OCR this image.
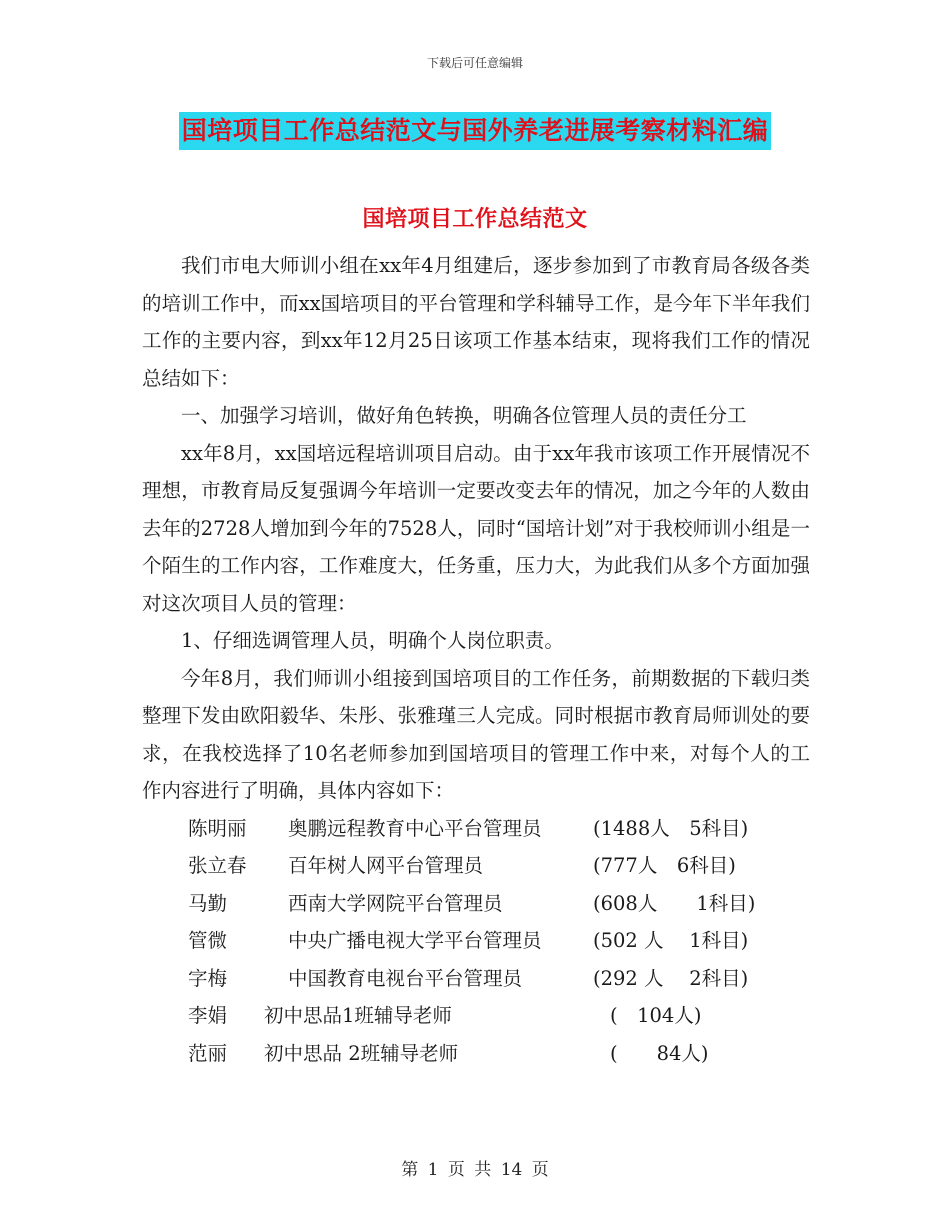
下载后可任意编辑
国培项目工作总结范文与国外养老进展考察材料汇编
国培项目工作总结范文

我们市电大师训小组在xx年4月组建后，逐步参加到了市教育局各级各类的培训工作中，而xx国培项目的平台管理和学科辅导工作，是今年下半年我们工作的主要内容，到xx年12月25日该项工作基本结束，现将我们工作的情况总结如下：

一、加强学习培训，做好角色转换，明确各位管理人员的责任分工

xx年8月，xx国培远程培训项目启动。由于xx年我市该项工作开展情况不理想，市教育局反复强调今年培训一定要改变去年的情况，加之今年的人数由去年的2728人增加到今年的7528人，同时“国培计划”对于我校师训小组是一个陌生的工作内容，工作难度大，任务重，压力大，为此我们从多个方面加强对这次项目人员的管理：

1、仔细选调管理人员，明确个人岗位职责。

今年8月，我们师训小组接到国培项目的工作任务，前期数据的下载归类整理下发由欧阳毅华、朱彤、张雅瑾三人完成。同时根据市教育局师训处的要求，在我校选择了10名老师参加到国培项目的管理工作中来，对每个人的工作内容进行了明确，具体内容如下：

陈明丽	奥鹏远程教育中心平台管理员	(1488人　5科目)
张立春	百年树人网平台管理员	(777人　6科目)
马勤	西南大学网院平台管理员	(608人　　1科目)
管微	中央广播电视大学平台管理员	(502 人　 1科目)
字梅	中国教育电视台平台管理员	(292 人　 2科目)
李娟	初中思品1班辅导老师	(　104人)
范丽	初中思品 2班辅导老师	(　　84人)
第 1 页 共 14 页
